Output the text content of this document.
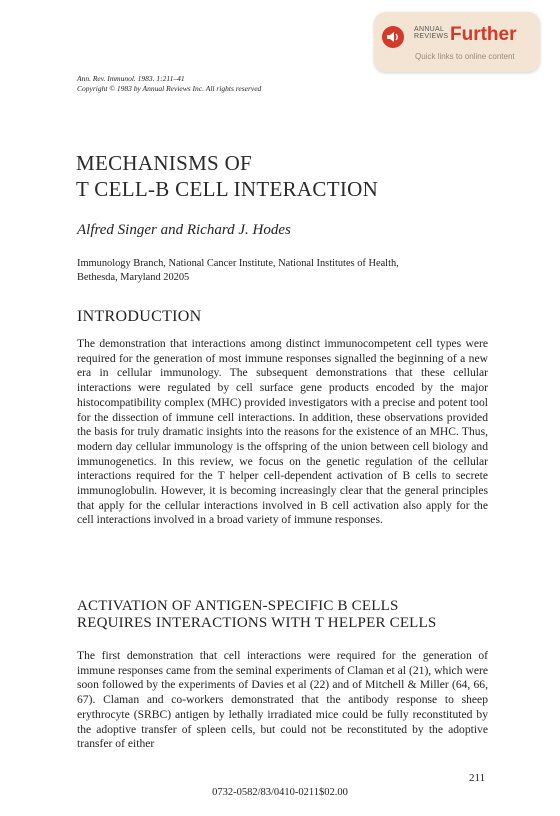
ANNUAL
REVIEWS Further
Quick links to online content
Ann. Rev. Immunol. 1983. 1:211–41
Copyright © 1983 by Annual Reviews Inc. All rights reserved
MECHANISMS OF
T CELL-B CELL INTERACTION
Alfred Singer and Richard J. Hodes
Immunology Branch, National Cancer Institute, National Institutes of Health,
Bethesda, Maryland 20205
INTRODUCTION
The demonstration that interactions among distinct immunocompetent cell types were required for the generation of most immune responses signalled the beginning of a new era in cellular immunology. The subsequent demonstrations that these cellular interactions were regulated by cell surface gene products encoded by the major histocompatibility complex (MHC) provided investigators with a precise and potent tool for the dissection of immune cell interactions. In addition, these observations provided the basis for truly dramatic insights into the reasons for the existence of an MHC. Thus, modern day cellular immunology is the offspring of the union between cell biology and immunogenetics. In this review, we focus on the genetic regulation of the cellular interactions required for the T helper cell-dependent activation of B cells to secrete immunoglobulin. However, it is becoming increasingly clear that the general principles that apply for the cellular interactions involved in B cell activation also apply for the cell interactions involved in a broad variety of immune responses.
ACTIVATION OF ANTIGEN-SPECIFIC B CELLS
REQUIRES INTERACTIONS WITH T HELPER CELLS
The first demonstration that cell interactions were required for the generation of immune responses came from the seminal experiments of Claman et al (21), which were soon followed by the experiments of Davies et al (22) and of Mitchell & Miller (64, 66, 67). Claman and co-workers demonstrated that the antibody response to sheep erythrocyte (SRBC) antigen by lethally irradiated mice could be fully reconstituted by the adoptive transfer of spleen cells, but could not be reconstituted by the adoptive transfer of either
211
0732-0582/83/0410-0211$02.00
